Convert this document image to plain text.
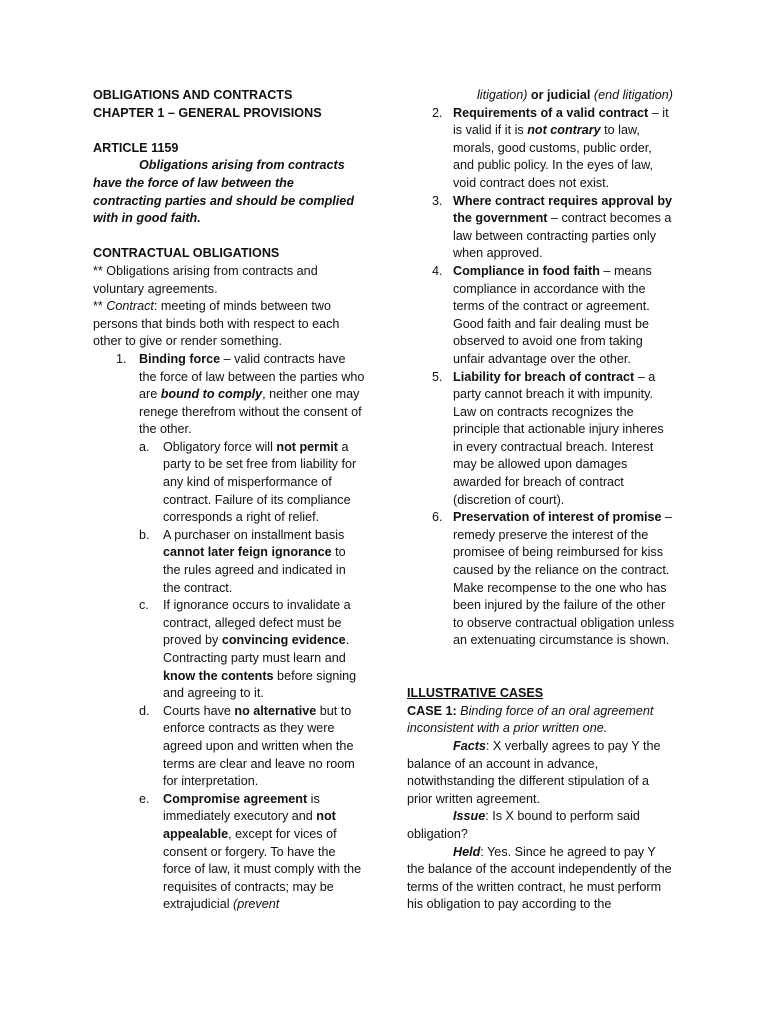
OBLIGATIONS AND CONTRACTS

CHAPTER 1 – GENERAL PROVISIONS

ARTICLE 1159

Obligations arising from contracts have the force of law between the contracting parties and should be complied with in good faith.

CONTRACTUAL OBLIGATIONS

** Obligations arising from contracts and voluntary agreements.

** Contract: meeting of minds between two persons that binds both with respect to each other to give or render something.

1. Binding force – valid contracts have the force of law between the parties who are bound to comply, neither one may renege therefrom without the consent of the other.
a. Obligatory force will not permit a party to be set free from liability for any kind of misperformance of contract. Failure of its compliance corresponds a right of relief.
b. A purchaser on installment basis cannot later feign ignorance to the rules agreed and indicated in the contract.
c. If ignorance occurs to invalidate a contract, alleged defect must be proved by convincing evidence. Contracting party must learn and know the contents before signing and agreeing to it.
d. Courts have no alternative but to enforce contracts as they were agreed upon and written when the terms are clear and leave no room for interpretation.
e. Compromise agreement is immediately executory and not appealable, except for vices of consent or forgery. To have the force of law, it must comply with the requisites of contracts; may be extrajudicial (prevent

litigation) or judicial (end litigation)

2. Requirements of a valid contract – it is valid if it is not contrary to law, morals, good customs, public order, and public policy. In the eyes of law, void contract does not exist.
3. Where contract requires approval by the government – contract becomes a law between contracting parties only when approved.
4. Compliance in food faith – means compliance in accordance with the terms of the contract or agreement. Good faith and fair dealing must be observed to avoid one from taking unfair advantage over the other.
5. Liability for breach of contract – a party cannot breach it with impunity. Law on contracts recognizes the principle that actionable injury inheres in every contractual breach. Interest may be allowed upon damages awarded for breach of contract (discretion of court).
6. Preservation of interest of promise – remedy preserve the interest of the promisee of being reimbursed for kiss caused by the reliance on the contract. Make recompense to the one who has been injured by the failure of the other to observe contractual obligation unless an extenuating circumstance is shown.

ILLUSTRATIVE CASES

CASE 1: Binding force of an oral agreement inconsistent with a prior written one.

Facts: X verbally agrees to pay Y the balance of an account in advance, notwithstanding the different stipulation of a prior written agreement.

Issue: Is X bound to perform said obligation?

Held: Yes. Since he agreed to pay Y the balance of the account independently of the terms of the written contract, he must perform his obligation to pay according to the
